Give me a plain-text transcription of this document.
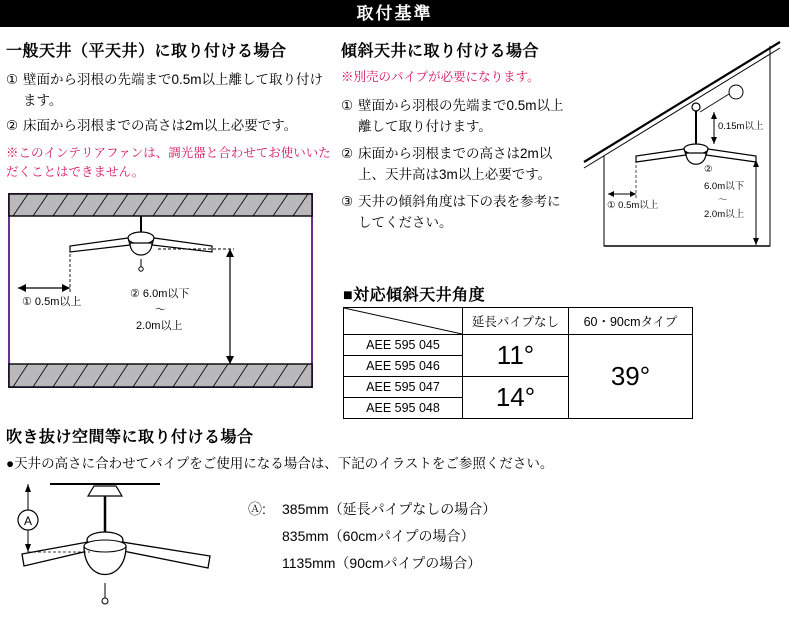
取付基準
一般天井（平天井）に取り付ける場合
① 壁面から羽根の先端まで0.5m以上離して取り付けます。
② 床面から羽根までの高さは2m以上必要です。
※このインテリアファンは、調光器と合わせてお使いいただくことはできません。
① 0.5m以上
② 6.0m以下
〜
2.0m以上
傾斜天井に取り付ける場合
※別売のパイプが必要になります。
① 壁面から羽根の先端まで0.5m以上離して取り付けます。
② 床面から羽根までの高さは2m以上、天井高は3m以上必要です。
③ 天井の傾斜角度は下の表を参考にしてください。
0.15m以上
① 0.5m以上
②
6.0m以下
〜
2.0m以上
■対応傾斜天井角度
	延長パイプなし	60・90cmタイプ
AEE 595 045	11°	39°
AEE 595 046		
AEE 595 047	14°	
AEE 595 048		
吹き抜け空間等に取り付ける場合
●天井の高さに合わせてパイプをご使用になる場合は、下記のイラストをご参照ください。
A
Ⓐ:	385mm（延長パイプなしの場合）
835mm（60cmパイプの場合）
1135mm（90cmパイプの場合）
